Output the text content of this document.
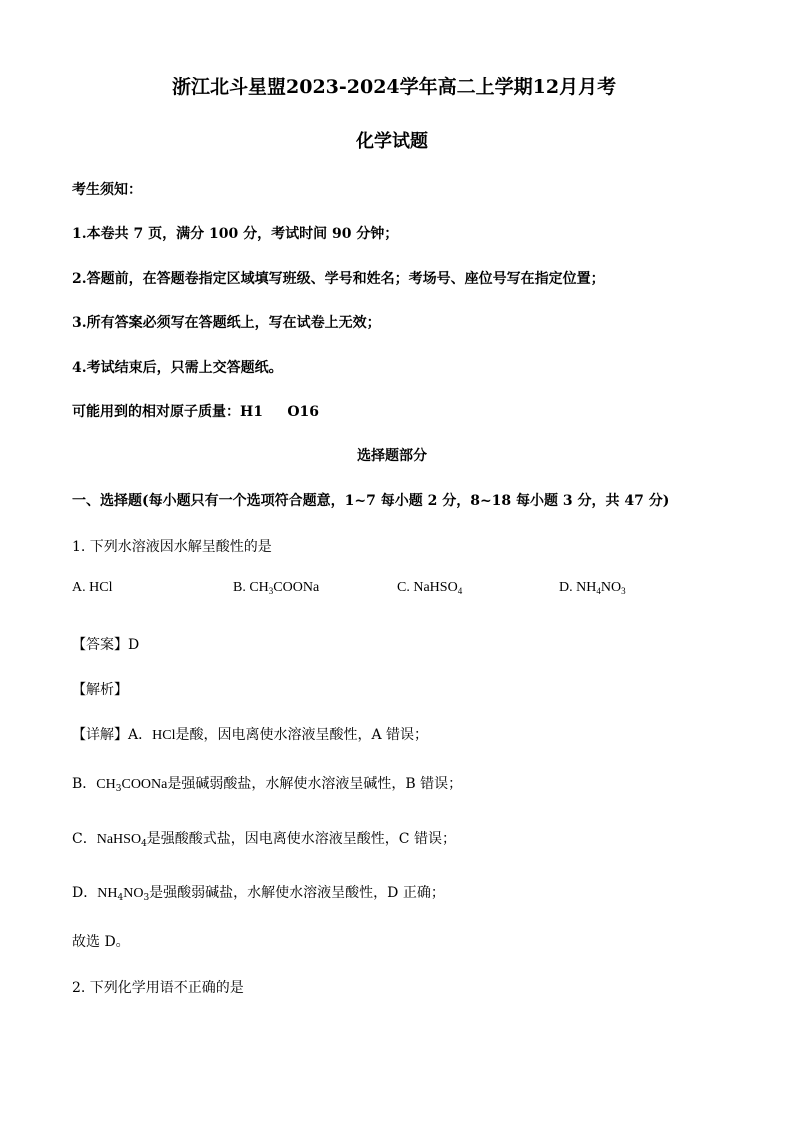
浙江北斗星盟2023-2024学年高二上学期12月月考
化学试题
考生须知：
1.本卷共 7 页，满分 100 分，考试时间 90 分钟；
2.答题前，在答题卷指定区域填写班级、学号和姓名；考场号、座位号写在指定位置；
3.所有答案必须写在答题纸上，写在试卷上无效；
4.考试结束后，只需上交答题纸。
可能用到的相对原子质量：H1     O16
选择题部分
一、选择题(每小题只有一个选项符合题意，1~7 每小题 2 分，8~18 每小题 3 分，共 47 分)
1. 下列水溶液因水解呈酸性的是
A. HCl	B. $CH_3COONa$	C. NaHSO$_4$	D. $NH_4NO_3$
【答案】D
【解析】
【详解】A．HCl是酸，因电离使水溶液呈酸性，A 错误；
B．$CH_3COONa$是强碱弱酸盐，水解使水溶液呈碱性，B 错误；
C．NaHSO$_4$是强酸酸式盐，因电离使水溶液呈酸性，C 错误；
D．$NH_4NO_3$是强酸弱碱盐，水解使水溶液呈酸性，D 正确；
故选 D。
2. 下列化学用语不正确的是
